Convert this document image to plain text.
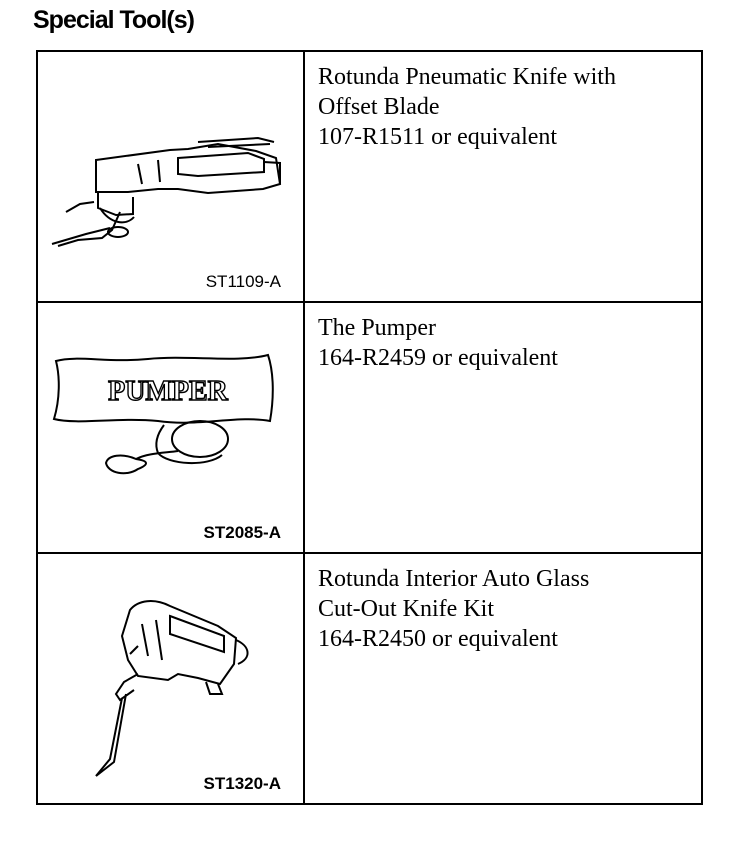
Special Tool(s)
ST1109-A	Rotunda Pneumatic Knife with
Offset Blade
107-R1511 or equivalent

PUMPER
ST2085-A	The Pumper
164-R2459 or equivalent

ST1320-A	Rotunda Interior Auto Glass
Cut-Out Knife Kit
164-R2450 or equivalent
